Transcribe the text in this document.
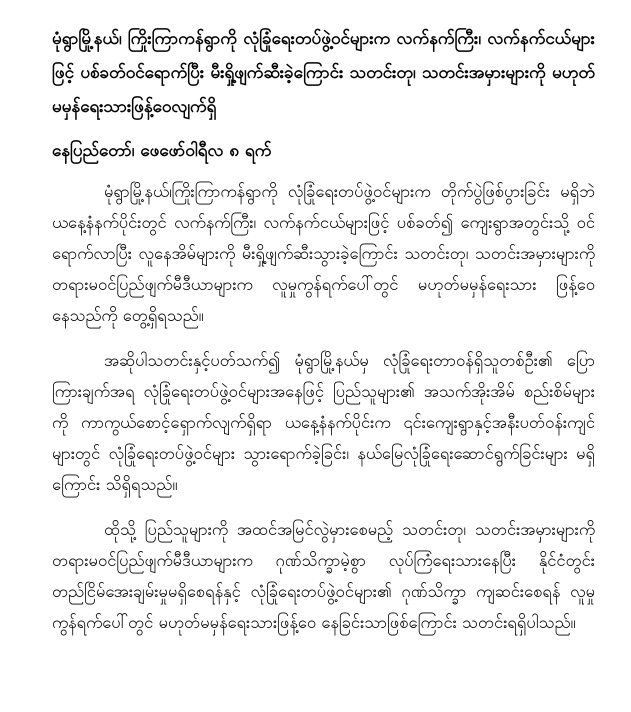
မုံရွာမြို့နယ်၊ ကြိုးကြာကန်ရွာကို လုံခြုံရေးတပ်ဖွဲ့ဝင်များက လက်နက်ကြီး၊ လက်နက်ငယ်များဖြင့် ပစ်ခတ်ဝင်ရောက်ပြီး မီးရှို့ဖျက်ဆီးခဲ့ကြောင်း သတင်းတု၊ သတင်းအမှားများကို မဟုတ်မမှန်ရေးသားဖြန့်ဝေလျက်ရှိ

နေပြည်တော်၊ ဖေဖော်ဝါရီလ ၈ ရက်

မုံရွာမြို့နယ်၊ကြိုးကြာကန်ရွာကို လုံခြုံရေးတပ်ဖွဲ့ဝင်များက တိုက်ပွဲဖြစ်ပွားခြင်း မရှိဘဲ ယနေ့နံနက်ပိုင်းတွင် လက်နက်ကြီး၊ လက်နက်ငယ်များဖြင့် ပစ်ခတ်၍ ကျေးရွာအတွင်းသို့ ဝင်ရောက်လာပြီး လူနေအိမ်များကို မီးရှို့ဖျက်ဆီးသွားခဲ့ကြောင်း သတင်းတု၊ သတင်းအမှားများကို တရားမဝင်ပြည်ဖျက်မီဒီယာများက လူမှုကွန်ရက်ပေါ်တွင် မဟုတ်မမှန်ရေးသား ဖြန့်ဝေနေသည်ကို တွေ့ရှိရသည်။

အဆိုပါသတင်းနှင့်ပတ်သက်၍ မုံရွာမြို့နယ်မှ လုံခြုံရေးတာဝန်ရှိသူတစ်ဦး၏ ပြောကြားချက်အရ လုံခြုံရေးတပ်ဖွဲ့ဝင်များအနေဖြင့် ပြည်သူများ၏ အသက်အိုးအိမ် စည်းစိမ်များကို ကာကွယ်စောင့်ရှောက်လျက်ရှိရာ ယနေ့နံနက်ပိုင်းက ၎င်းကျေးရွာနှင့်အနီးပတ်ဝန်းကျင်များတွင် လုံခြုံရေးတပ်ဖွဲ့ဝင်များ သွားရောက်ခဲ့ခြင်း၊ နယ်မြေလုံခြုံရေးဆောင်ရွက်ခြင်းများ မရှိကြောင်း သိရှိရသည်။

ထိုသို့ ပြည်သူများကို အထင်အမြင်လွဲမှားစေမည့် သတင်းတု၊ သတင်းအမှားများကို တရားမဝင်ပြည်ဖျက်မီဒီယာများက ဂုဏ်သိက္ခာမဲ့စွာ လုပ်ကြံရေးသားနေပြီး နိုင်ငံတွင်း တည်ငြိမ်အေးချမ်းမှုမရှိစေရန်နှင့် လုံခြုံရေးတပ်ဖွဲ့ဝင်များ၏ ဂုဏ်သိက္ခာ ကျဆင်းစေရန် လူမှုကွန်ရက်ပေါ်တွင် မဟုတ်မမှန်ရေးသားဖြန့်ဝေ နေခြင်းသာဖြစ်ကြောင်း သတင်းရရှိပါသည်။
